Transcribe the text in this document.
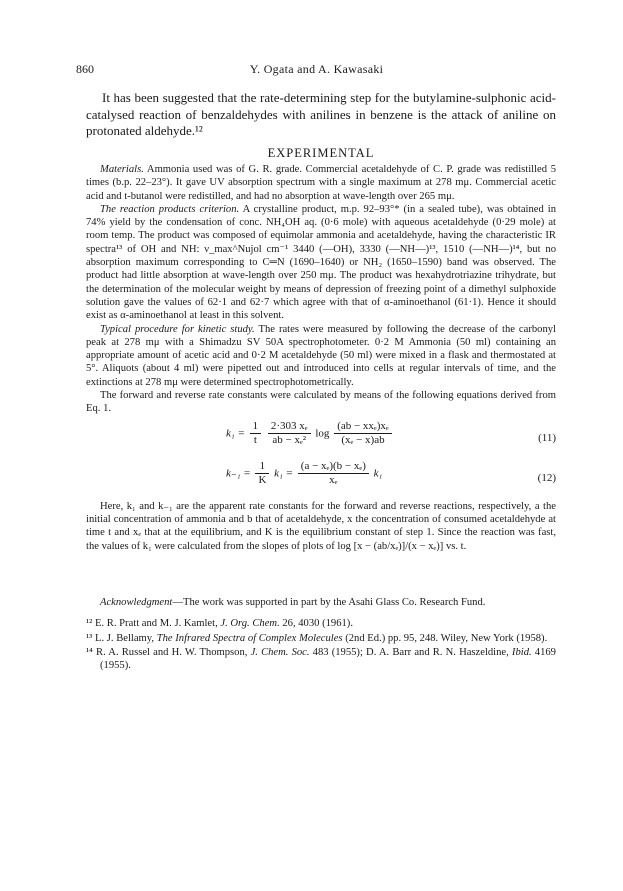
860	Y. Ogata and A. Kawasaki
It has been suggested that the rate-determining step for the butylamine-sulphonic acid-catalysed reaction of benzaldehydes with anilines in benzene is the attack of aniline on protonated aldehyde.¹²
EXPERIMENTAL

Materials. Ammonia used was of G. R. grade. Commercial acetaldehyde of C. P. grade was redistilled 5 times (b.p. 22–23°). It gave UV absorption spectrum with a single maximum at 278 mμ. Commercial acetic acid and t-butanol were redistilled, and had no absorption at wave-length over 265 mμ.

The reaction products criterion. A crystalline product, m.p. 92–93°* (in a sealed tube), was obtained in 74% yield by the condensation of conc. NH₄OH aq. (0·6 mole) with aqueous acetaldehyde (0·29 mole) at room temp. The product was composed of equimolar ammonia and acetaldehyde, having the characteristic IR spectra¹³ of OH and NH: ν_max^Nujol cm⁻¹ 3440 (—OH), 3330 (—NH—)¹³, 1510 (—NH—)¹⁴, but no absorption maximum corresponding to C═N (1690–1640) or NH₂ (1650–1590) band was observed. The product had little absorption at wave-length over 250 mμ. The product was hexahydrotriazine trihydrate, but the determination of the molecular weight by means of depression of freezing point of a dimethyl sulphoxide solution gave the values of 62·1 and 62·7 which agree with that of α-aminoethanol (61·1). Hence it should exist as α-aminoethanol at least in this solvent.

Typical procedure for kinetic study. The rates were measured by following the decrease of the carbonyl peak at 278 mμ with a Shimadzu SV 50A spectrophotometer. 0·2 M Ammonia (50 ml) containing an appropriate amount of acetic acid and 0·2 M acetaldehyde (50 ml) were mixed in a flask and thermostated at 5°. Aliquots (about 4 ml) were pipetted out and introduced into cells at regular intervals of time, and the extinctions at 278 mμ were determined spectrophotometrically.

The forward and reverse rate constants were calculated by means of the following equations derived from Eq. 1.

$k_1 = \frac{1}{t}$
$\frac{\text{2·303 xₑ}}{\text{ab − xₑ²}}$ $\log \frac{\text{(ab − xxₑ)xₑ}}{\text{(xₑ − x)ab}}$	(11)
$k_{-1} = \frac{1}{K} k_1 = \frac{\text{(a − xₑ)(b − xₑ)}}{\text{xₑ}} k_1$	(12)

Here, k₁ and k₋₁ are the apparent rate constants for the forward and reverse reactions, respectively, a the initial concentration of ammonia and b that of acetaldehyde, x the concentration of consumed acetaldehyde at time t and xₑ that at the equilibrium, and K is the equilibrium constant of step 1. Since the reaction was fast, the values of k₁ were calculated from the slopes of plots of log [x − (ab/xₑ)]/(x − xₑ)] vs. t.

Acknowledgment—The work was supported in part by the Asahi Glass Co. Research Fund.

¹² E. R. Pratt and M. J. Kamlet, J. Org. Chem. 26, 4030 (1961).

¹³ L. J. Bellamy, The Infrared Spectra of Complex Molecules (2nd Ed.) pp. 95, 248. Wiley, New York (1958).

¹⁴ R. A. Russel and H. W. Thompson, J. Chem. Soc. 483 (1955); D. A. Barr and R. N. Haszeldine, Ibid. 4169 (1955).
